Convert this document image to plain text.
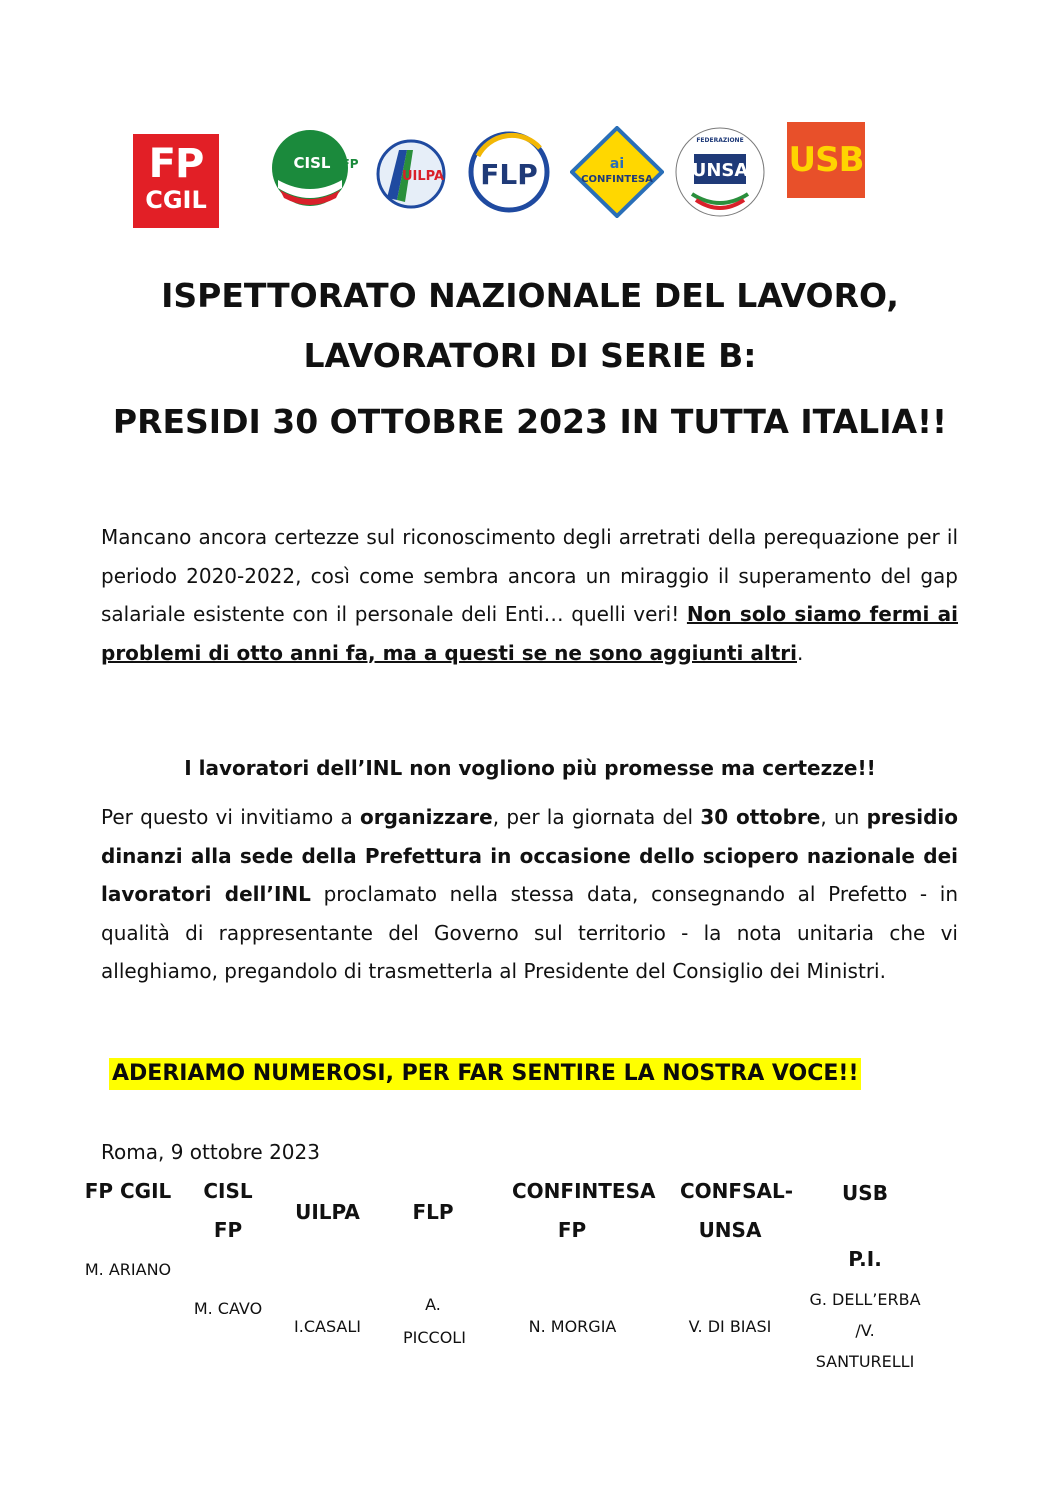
FP
CGIL
CISL FP
UILPA FLP	ai
CONFINTESA
FEDERAZIONE
UNSA USB
ISPETTORATO NAZIONALE DEL LAVORO,
LAVORATORI DI SERIE B:
PRESIDI 30 OTTOBRE 2023 IN TUTTA ITALIA!!
Mancano ancora certezze sul riconoscimento degli arretrati della perequazione per il periodo 2020-2022, così come sembra ancora un miraggio il superamento del gap salariale esistente con il personale deli Enti… quelli veri! Non solo siamo fermi ai problemi di otto anni fa, ma a questi se ne sono aggiunti altri.
I lavoratori dell’INL non vogliono più promesse ma certezze!!
Per questo vi invitiamo a organizzare, per la giornata del 30 ottobre, un presidio dinanzi alla sede della Prefettura in occasione dello sciopero nazionale dei lavoratori dell’INL proclamato nella stessa data, consegnando al Prefetto - in qualità di rappresentante del Governo sul territorio - la nota unitaria che vi alleghiamo, pregandolo di trasmetterla al Presidente del Consiglio dei Ministri.
ADERIAMO NUMEROSI, PER FAR SENTIRE LA NOSTRA VOCE!!
Roma, 9 ottobre 2023
FP CGIL
M. ARIANO
CISL FP
M. CAVO
UILPA
I.CASALI
FLP
A. PICCOLI
CONFINTESA FP
N. MORGIA
CONFSAL- UNSA
V. DI BIASI
USB P.I.
G. DELL’ERBA /V. SANTURELLI
